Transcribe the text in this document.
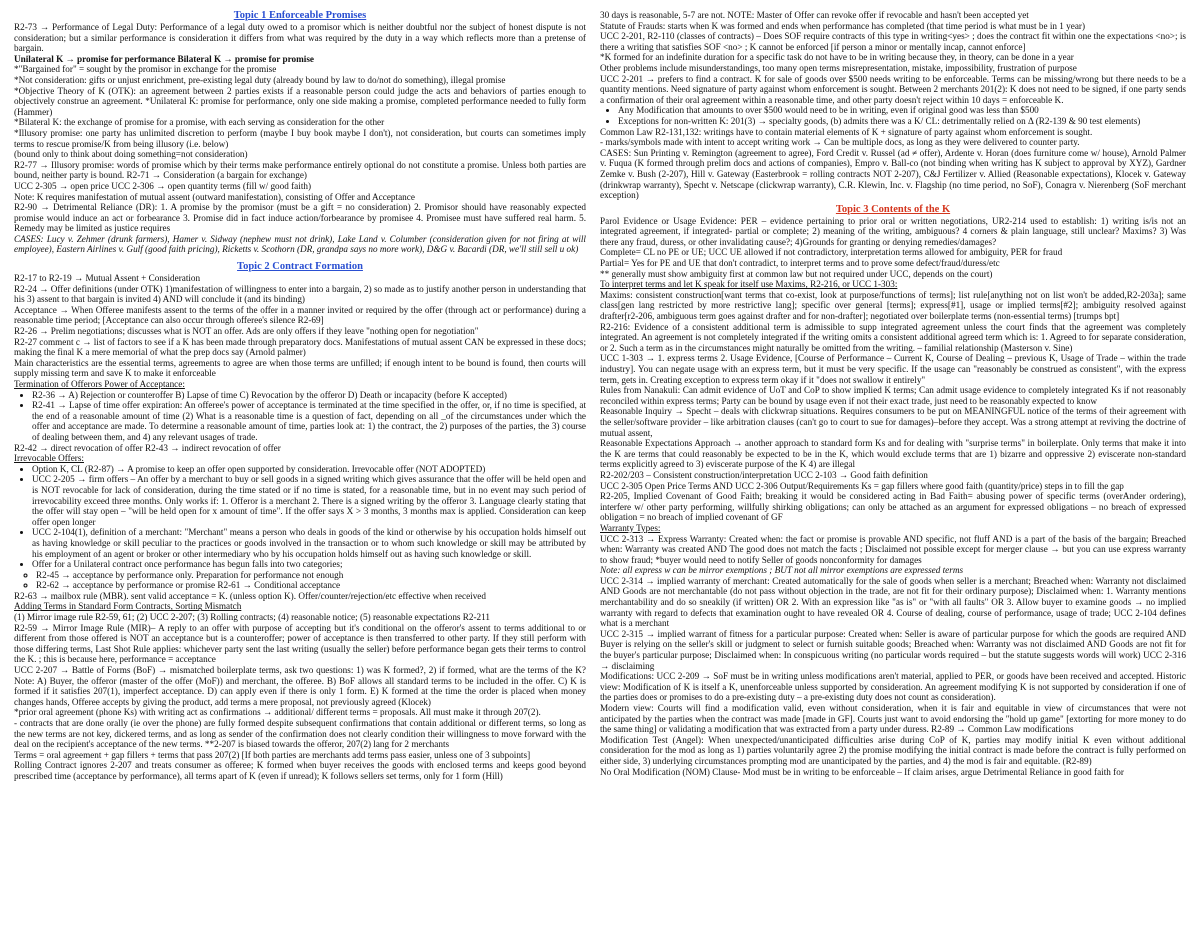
Topic 1 Enforceable Promises

R2-73 → Performance of Legal Duty: Performance of a legal duty owed to a promisor which is neither doubtful nor the subject of honest dispute is not consideration; but a similar performance is consideration it differs from what was required by the duty in a way which reflects more than a pretense of bargain.

Unilateral K → promise for performance Bilateral K → promise for promise

*"Bargained for" = sought by the promisor in exchange for the promise

*Not consideration: gifts or unjust enrichment, pre-existing legal duty (already bound by law to do/not do something), illegal promise

*Objective Theory of K (OTK): an agreement between 2 parties exists if a reasonable person could judge the acts and behaviors of parties enough to objectively construe an agreement. *Unilateral K: promise for performance, only one side making a promise, completed performance needed to fully form (Hammer)

*Bilateral K: the exchange of promise for a promise, with each serving as consideration for the other

*Illusory promise: one party has unlimited discretion to perform (maybe I buy book maybe I don't), not consideration, but courts can sometimes imply terms to rescue promise/K from being illusory (i.e. below)

(bound only to think about doing something=not consideration)

R2-77 → Illusory promise: words of promise which by their terms make performance entirely optional do not constitute a promise. Unless both parties are bound, neither party is bound. R2-71 → Consideration (a bargain for exchange)

UCC 2-305 → open price UCC 2-306 → open quantity terms (fill w/ good faith)

Note: K requires manifestation of mutual assent (outward manifestation), consisting of Offer and Acceptance

R2-90 → Detrimental Reliance (DR): 1. A promise by the promisor (must be a gift = no consideration) 2. Promisor should have reasonably expected promise would induce an act or forbearance 3. Promise did in fact induce action/forbearance by promisee 4. Promisee must have suffered real harm. 5. Remedy may be limited as justice requires

CASES: Lucy v. Zehmer (drunk farmers), Hamer v. Sidway (nephew must not drink), Lake Land v. Columber (consideration given for not firing at will employee), Eastern Airlines v. Gulf (good faith pricing), Ricketts v. Scothorn (DR, grandpa says no more work), D&G v. Bacardi (DR, we'll still sell u ok)

Topic 2 Contract Formation

R2-17 to R2-19 → Mutual Assent + Consideration

R2-24 → Offer definitions (under OTK) 1)manifestation of willingness to enter into a bargain, 2) so made as to justify another person in understanding that his 3) assent to that bargain is invited 4) AND will conclude it (and its binding)

Acceptance → When Offeree manifests assent to the terms of the offer in a manner invited or required by the offer (through act or performance) during a reasonable time period; [Acceptance can also occur through offeree's silence R2-69]

R2-26 → Prelim negotiations; discusses what is NOT an offer. Ads are only offers if they leave "nothing open for negotiation"

R2-27 comment c → list of factors to see if a K has been made through preparatory docs. Manifestations of mutual assent CAN be expressed in these docs; making the final K a mere memorial of what the prep docs say (Arnold palmer)

Main characteristics are the essential terms, agreements to agree are when those terms are unfilled; if enough intent to be bound is found, then courts will supply missing term and save K to make it enforceable

Termination of Offerors Power of Acceptance:

• R2-36 → A) Rejection or counteroffer B) Lapse of time C) Revocation by the offeror D) Death or incapacity (before K accepted)
• R2-41 → Lapse of time offer expiration: An offeree's power of acceptance is terminated at the time specified in the offer, or, if no time is specified, at the end of a reasonable amount of time (2) What is a reasonable time is a question of fact, depending on all _of the circumstances under which the offer and acceptance are made. To determine a reasonable amount of time, parties look at: 1) the contract, the 2) purposes of the parties, the 3) course of dealing between them, and 4) any relevant usages of trade.

R2-42 → direct revocation of offer R2-43 → indirect revocation of offer

Irrevocable Offers:

• Option K, CL (R2-87) → A promise to keep an offer open supported by consideration. Irrevocable offer (NOT ADOPTED)
• UCC 2-205 → firm offers – An offer by a merchant to buy or sell goods in a signed writing which gives assurance that the offer will be held open and is NOT revocable for lack of consideration, during the time stated or if no time is stated, for a reasonable time, but in no event may such period of irrevocability exceed three months. Only works if: 1. Offeror is a merchant 2. There is a signed writing by the offeror 3. Language clearly stating that the offer will stay open – "will be held open for x amount of time". If the offer says X > 3 months, 3 months max is applied. Consideration can keep offer open longer
• UCC 2-104(1), definition of a merchant: "Merchant" means a person who deals in goods of the kind or otherwise by his occupation holds himself out as having knowledge or skill peculiar to the practices or goods involved in the transaction or to whom such knowledge or skill may be attributed by his employment of an agent or broker or other intermediary who by his occupation holds himself out as having such knowledge or skill.
• Offer for a Unilateral contract once performance has begun falls into two categories;
◦ R2-45 → acceptance by performance only. Preparation for performance not enough
◦ R2-62 → acceptance by performance or promise R2-61 → Conditional acceptance

R2-63 → mailbox rule (MBR). sent valid acceptance = K. (unless option K). Offer/counter/rejection/etc effective when received

Adding Terms in Standard Form Contracts, Sorting Mismatch

(1) Mirror image rule R2-59, 61; (2) UCC 2-207; (3) Rolling contracts; (4) reasonable notice; (5) reasonable expectations R2-211

R2-59 → Mirror Image Rule (MIR)– A reply to an offer with purpose of accepting but it's conditional on the offeror's assent to terms additional to or different from those offered is NOT an acceptance but is a counteroffer; power of acceptance is then transferred to other party. If they still perform with those differing terms, Last Shot Rule applies: whichever party sent the last writing (usually the seller) before performance began gets their terms to control the K. ; this is because here, performance = acceptance

UCC 2-207 → Battle of Forms (BoF) → mismatched boilerplate terms, ask two questions: 1) was K formed?, 2) if formed, what are the terms of the K? Note: A) Buyer, the offeror (master of the offer (MoF)) and merchant, the offeree. B) BoF allows all standard terms to be included in the offer. C) K is formed if it satisfies 207(1), imperfect acceptance. D) can apply even if there is only 1 form. E) K formed at the time the order is placed when money changes hands, Offeree accepts by giving the product, add terms a mere proposal, not previously agreed (Klocek)

*prior oral agreement (phone Ks) with writing act as confirmations → additional/ different terms = proposals. All must make it through 207(2).

- contracts that are done orally (ie over the phone) are fully formed despite subsequent confirmations that contain additional or different terms, so long as the new terms are not key, dickered terms, and as long as sender of the confirmation does not clearly condition their willingness to move forward with the deal on the recipient's acceptance of the new terms. **2-207 is biased towards the offeror, 207(2) lang for 2 merchants

Terms = oral agreement + gap fillers + terms that pass 207(2) [If both parties are merchants add terms pass easier, unless one of 3 subpoints]

Rolling Contract ignores 2-207 and treats consumer as offeree; K formed when buyer receives the goods with enclosed terms and keeps good beyond prescribed time (acceptance by performance), all terms apart of K (even if unread); K follows sellers set terms, only for 1 form (Hill)

30 days is reasonable, 5-7 are not. NOTE: Master of Offer can revoke offer if revocable and hasn't been accepted yet

Statute of Frauds: starts when K was formed and ends when performance has completed (that time period is what must be in 1 year)

UCC 2-201, R2-110 (classes of contracts) – Does SOF require contracts of this type in writing<yes> ; does the contract fit within one the expectations <no>; is there a writing that satisfies SOF <no> ; K cannot be enforced [if person a minor or mentally incap, cannot enforce]

*K formed for an indefinite duration for a specific task do not have to be in writing because they, in theory, can be done in a year

Other problems include misunderstandings, too many open terms misrepresentation, mistake, impossibility, frustration of purpose

UCC 2-201 → prefers to find a contract. K for sale of goods over $500 needs writing to be enforceable. Terms can be missing/wrong but there needs to be a quantity mentions. Need signature of party against whom enforcement is sought. Between 2 merchants 201(2): K does not need to be signed, if one party sends a confirmation of their oral agreement within a reasonable time, and other party doesn't reject within 10 days = enforceable K.

• Any Modification that amounts to over $500 would need to be in writing, even if original good was less than $500
• Exceptions for non-written K: 201(3) → specialty goods, (b) admits there was a K/ CL: detrimentally relied on Δ (R2-139 & 90 test elements)

Common Law R2-131,132: writings have to contain material elements of K + signature of party against whom enforcement is sought.

- marks/symbols made with intent to accept writing work → Can be multiple docs, as long as they were delivered to counter party.

CASES: Sun Printing v. Remington (agreement to agree), Ford Credit v. Russel (ad ≠ offer), Ardente v. Horan (does furniture come w/ house), Arnold Palmer v. Fuqua (K formed through prelim docs and actions of companies), Empro v. Ball-co (not binding when writing has K subject to approval by XYZ), Gardner Zemke v. Bush (2-207), Hill v. Gateway (Easterbrook = rolling contracts NOT 2-207), C&J Fertilizer v. Allied (Reasonable expectations), Klocek v. Gateway (drinkwrap warranty), Specht v. Netscape (clickwrap warranty), C.R. Klewin, Inc. v. Flagship (no time period, no SoF), Conagra v. Nierenberg (SoF merchant exception)

Topic 3 Contents of the K

Parol Evidence or Usage Evidence: PER – evidence pertaining to prior oral or written negotiations, UR2-214 used to establish: 1) writing is/is not an integrated agreement, if integrated- partial or complete; 2) meaning of the writing, ambiguous? 4 corners & plain language, still unclear? Maxims? 3) Was there any fraud, duress, or other invalidating cause?; 4)Grounds for granting or denying remedies/damages?

Complete= CL no PE or UE; UCC UE allowed if not contradictory, interpretation terms allowed for ambiguity, PER for fraud

Partial= Yes for PE and UE that don't contradict, to interpret terms and to prove some defect/fraud/duress/etc

** generally must show ambiguity first at common law but not required under UCC, depends on the court)

To interpret terms and let K speak for itself use Maxims, R2-216, or UCC 1-303:

Maxims: consistent construction[want terms that co-exist, look at purpose/functions of terms]; list rule[anything not on list won't be added,R2-203a]; same class[gen lang restricted by more restrictive lang]; specific over general [terms]; express[#1], usage or implied terms[#2]; ambiguity resolved against drafter[r2-206, ambiguous term goes against drafter and for non-drafter]; negotiated over boilerplate terms (non-essential terms) [trumps bpt]

R2-216: Evidence of a consistent additional term is admissible to supp integrated agreement unless the court finds that the agreement was completely integrated. An agreement is not completely integrated if the writing omits a consistent additional agreed term which is: 1. Agreed to for separate consideration, or 2. Such a term as in the circumstances might naturally be omitted from the writing. – familial relationship (Masterson v. Sine)

UCC 1-303 → 1. express terms 2. Usage Evidence, [Course of Performance – Current K, Course of Dealing – previous K, Usage of Trade – within the trade industry]. You can negate usage with an express term, but it must be very specific. If the usage can "reasonably be construed as consistent", with the express term, gets in. Creating exception to express term okay if it "does not swallow it entirely"

Rules from Nanakuli: Can admit evidence of UoT and CoP to show implied K terms; Can admit usage evidence to completely integrated Ks if not reasonably reconciled within express terms; Party can be bound by usage even if not their exact trade, just need to be reasonably expected to know

Reasonable Inquiry → Specht – deals with clickwrap situations. Requires consumers to be put on MEANINGFUL notice of the terms of their agreement with the seller/software provider – like arbitration clauses (can't go to court to sue for damages)–before they accept. Was a strong attempt at reviving the doctrine of mutual assent,

Reasonable Expectations Approach → another approach to standard form Ks and for dealing with "surprise terms" in boilerplate. Only terms that make it into the K are terms that could reasonably be expected to be in the K, which would exclude terms that are 1) bizarre and oppressive 2) eviscerate non-standard terms explicitly agreed to 3) eviscerate purpose of the K 4) are illegal

R2-202/203 – Consistent construction/interpretation UCC 2-103 → Good faith definition

UCC 2-305 Open Price Terms AND UCC 2-306 Output/Requirements Ks = gap fillers where good faith (quantity/price) steps in to fill the gap

R2-205, Implied Covenant of Good Faith; breaking it would be considered acting in Bad Faith= abusing power of specific terms (overAnder ordering), interfere w/ other party performing, willfully shirking obligations; can only be attached as an argument for expressed obligations – no breach of expressed obligation = no breach of implied covenant of GF

Warranty Types:

UCC 2-313 → Express Warranty: Created when: the fact or promise is provable AND specific, not fluff AND is a part of the basis of the bargain; Breached when: Warranty was created AND The good does not match the facts ; Disclaimed not possible except for merger clause → but you can use express warranty to show fraud; *buyer would need to notify Seller of goods nonconformity for damages

Note: all express w can be mirror exemptions ; BUT not all mirror exemptions are expressed terms

UCC 2-314 → implied warranty of merchant: Created automatically for the sale of goods when seller is a merchant; Breached when: Warranty not disclaimed AND Goods are not merchantable (do not pass without objection in the trade, are not fit for their ordinary purpose); Disclaimed when: 1. Warranty mentions merchantability and do so sneakily (if written) OR 2. With an expression like "as is" or "with all faults" OR 3. Allow buyer to examine goods → no implied warranty with regard to defects that examination ought to have revealed OR 4. Course of dealing, course of performance, usage of trade; UCC 2-104 defines what is a merchant

UCC 2-315 → implied warrant of fitness for a particular purpose: Created when: Seller is aware of particular purpose for which the goods are required AND Buyer is relying on the seller's skill or judgment to select or furnish suitable goods; Breached when: Warranty was not disclaimed AND Goods are not fit for the buyer's particular purpose; Disclaimed when: In conspicuous writing (no particular words required – but the statute suggests words will work) UCC 2-316 → disclaiming

Modifications: UCC 2-209 → SoF must be in writing unless modifications aren't material, applied to PER, or goods have been received and accepted. Historic view: Modification of K is itself a K, unenforceable unless supported by consideration. An agreement modifying K is not supported by consideration if one of the parties does or promises to do a pre-existing duty – a pre-existing duty does not count as consideration).

Modern view: Courts will find a modification valid, even without consideration, when it is fair and equitable in view of circumstances that were not anticipated by the parties when the contract was made [made in GF]. Courts just want to avoid endorsing the "hold up game" [extorting for more money to do the same thing] or validating a modification that was extracted from a party under duress. R2-89 → Common Law modifications

Modification Test (Angel): When unexpected/unanticipated difficulties arise during CoP of K, parties may modify initial K even without additional consideration for the mod as long as 1) parties voluntarily agree 2) the promise modifying the initial contract is made before the contract is fully performed on either side, 3) underlying circumstances prompting mod are unanticipated by the parties, and 4) the mod is fair and equitable. (R2-89)

No Oral Modification (NOM) Clause- Mod must be in writing to be enforceable – If claim arises, argue Detrimental Reliance in good faith for
